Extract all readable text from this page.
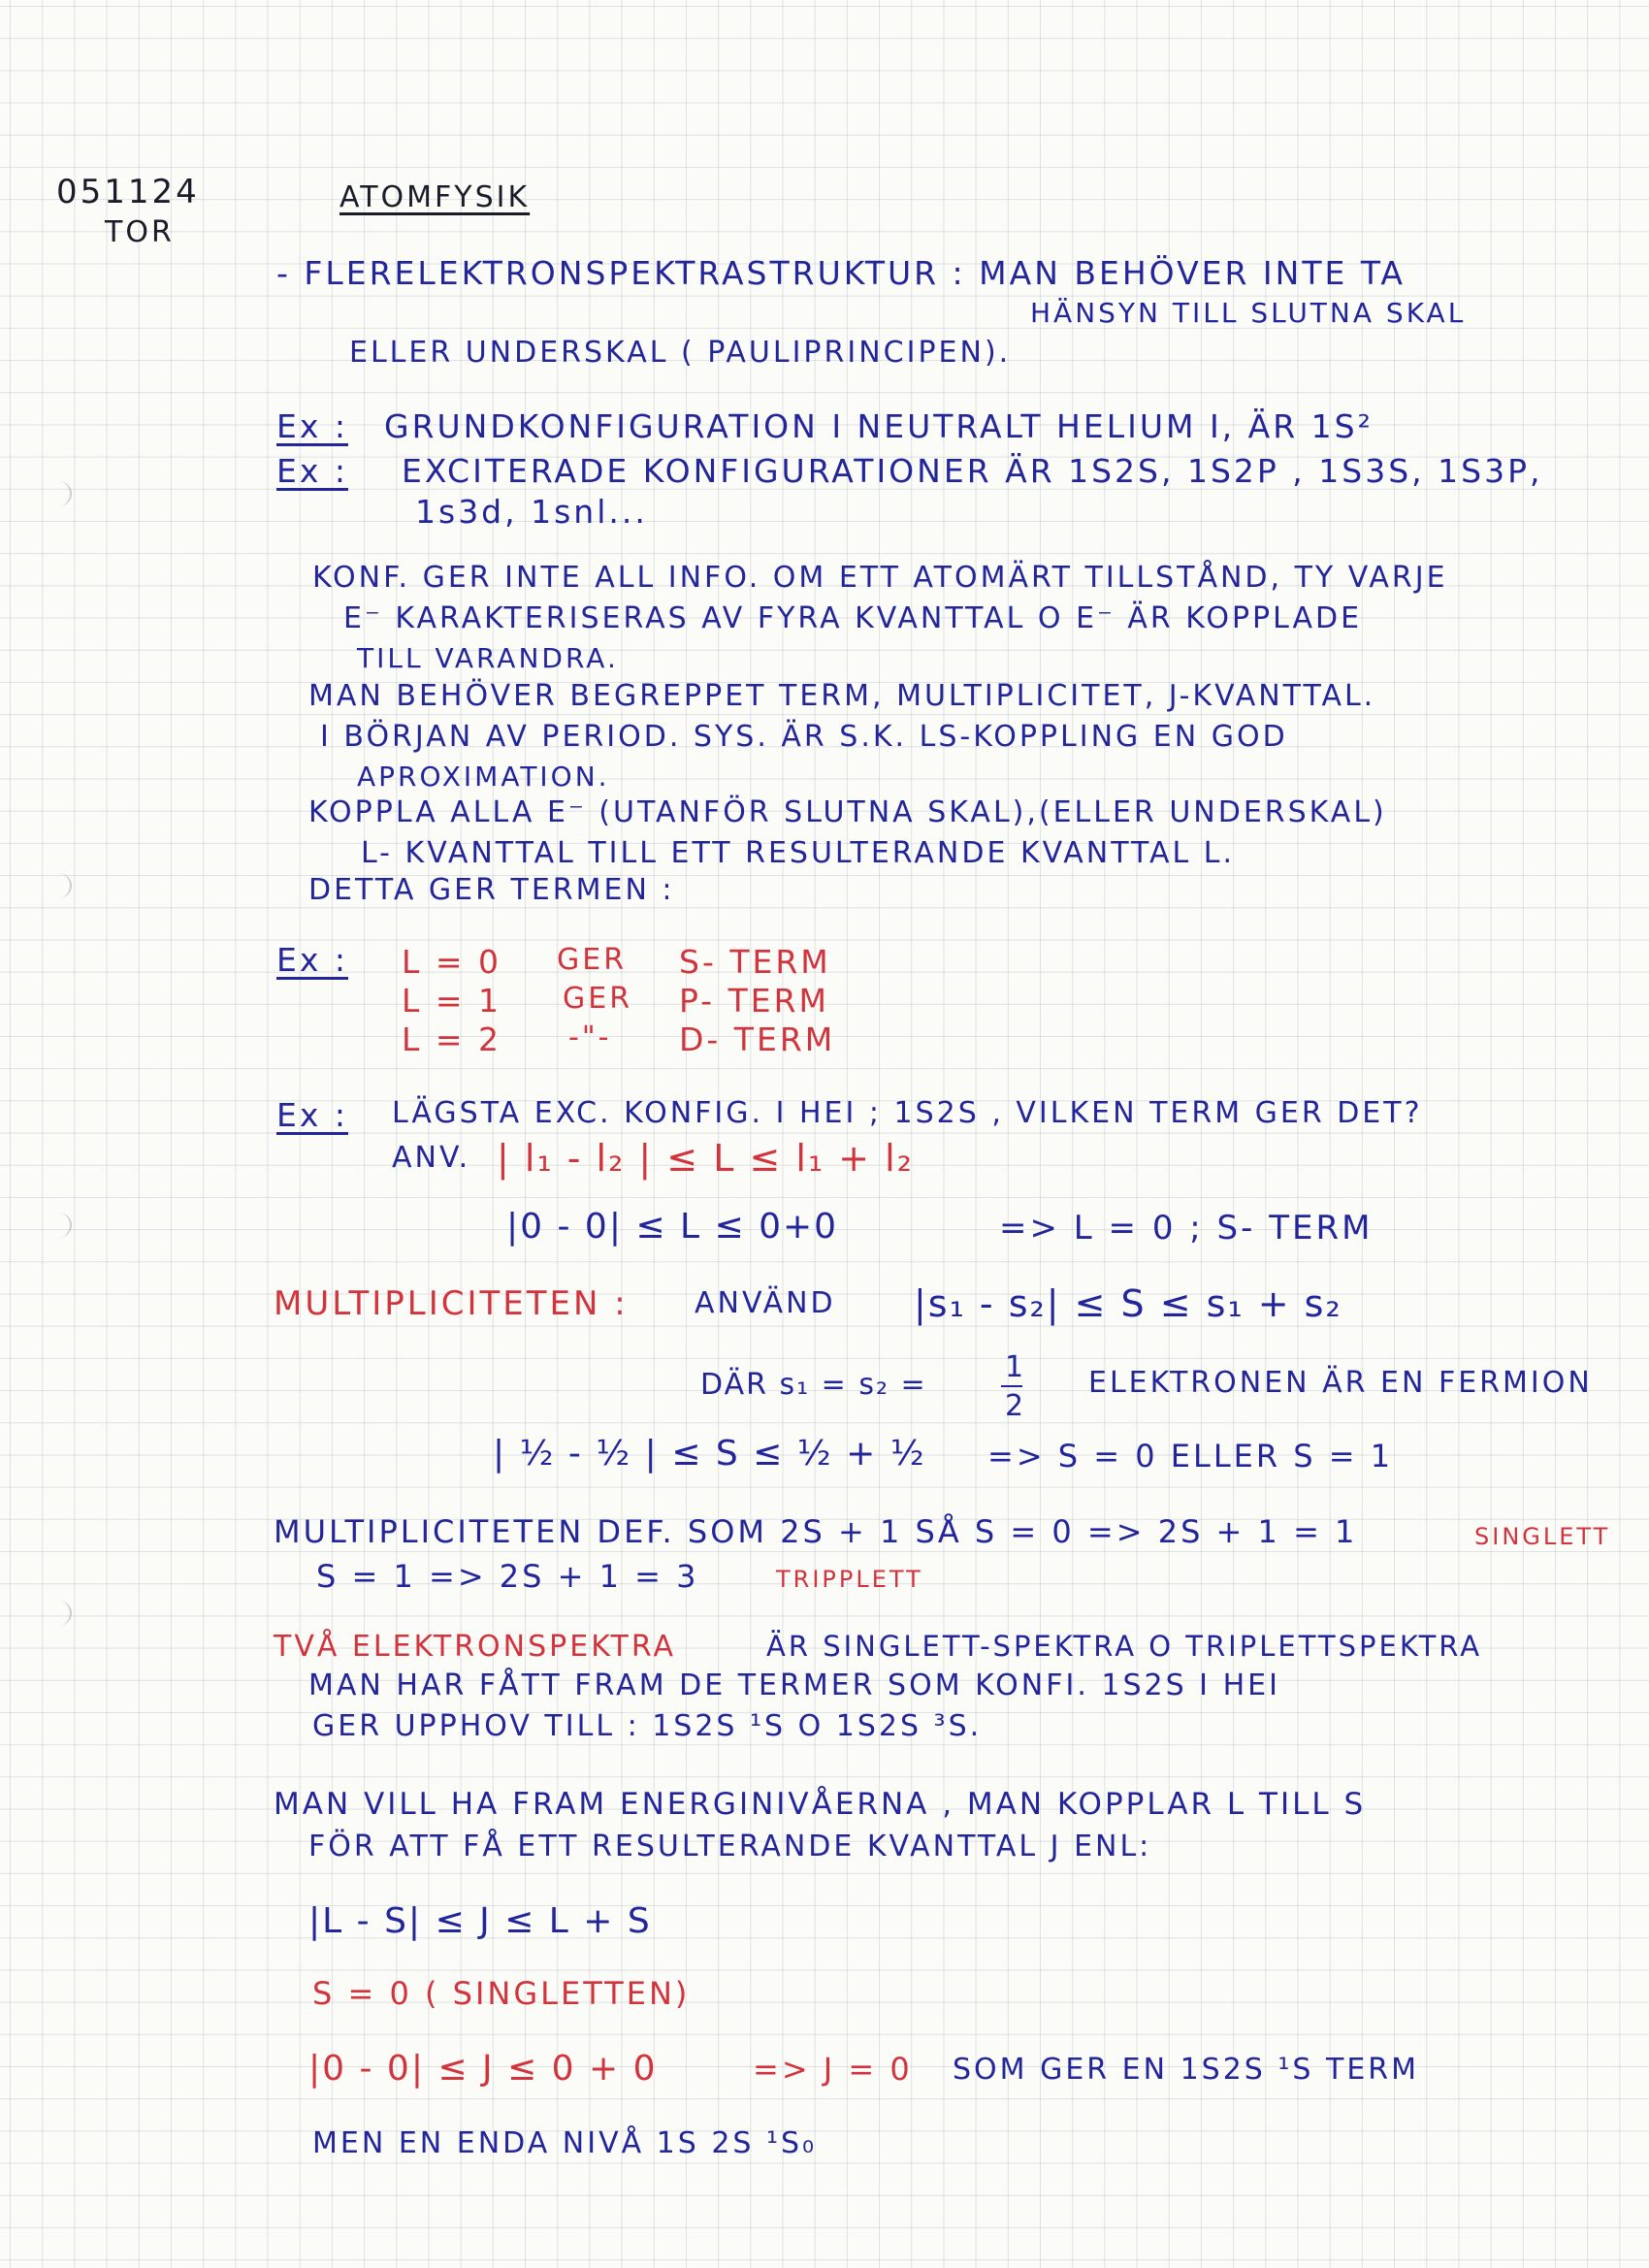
051124
TOR
ATOMFYSIK
- FLERELEKTRONSPEKTRASTRUKTUR : MAN BEHÖVER INTE TA
HÄNSYN TILL SLUTNA SKAL
ELLER UNDERSKAL ( PAULIPRINCIPEN).
Ex : GRUNDKONFIGURATION I NEUTRALT HELIUM I, ÄR 1S²
Ex : EXCITERADE KONFIGURATIONER ÄR 1S2S, 1S2P , 1S3S, 1S3P,
1s3d, 1snl...
KONF. GER INTE ALL INFO. OM ETT ATOMÄRT TILLSTÅND, TY VARJE
E⁻ KARAKTERISERAS AV FYRA KVANTTAL O E⁻ ÄR KOPPLADE
TILL VARANDRA.
MAN BEHÖVER BEGREPPET TERM, MULTIPLICITET, J-KVANTTAL.
I BÖRJAN AV PERIOD. SYS. ÄR S.K. LS-KOPPLING EN GOD
APROXIMATION.
KOPPLA ALLA E⁻ (UTANFÖR SLUTNA SKAL),(ELLER UNDERSKAL)
L- KVANTTAL TILL ETT RESULTERANDE KVANTTAL L.
DETTA GER TERMEN :
Ex : L = 0 GER S- TERM
L = 1 GER P- TERM
L = 2 -"- D- TERM
Ex : LÄGSTA EXC. KONFIG. I HEI ; 1S2S , VILKEN TERM GER DET?
ANV. | l₁ - l₂ | ≤ L ≤ l₁ + l₂
|0 - 0| ≤ L ≤ 0+0	=> L = 0 ; S- TERM
MULTIPLICITETEN : ANVÄND |s₁ - s₂| ≤ S ≤ s₁ + s₂
DÄR s₁ = s₂ =
1
2
ELEKTRONEN ÄR EN FERMION
| ½ - ½ | ≤ S ≤ ½ + ½ => S = 0 ELLER S = 1
MULTIPLICITETEN DEF. SOM 2S + 1 SÅ S = 0 => 2S + 1 = 1	SINGLETT
S = 1 => 2S + 1 = 3	TRIPPLETT
TVÅ ELEKTRONSPEKTRA	ÄR SINGLETT-SPEKTRA O TRIPLETTSPEKTRA
MAN HAR FÅTT FRAM DE TERMER SOM KONFI. 1S2S I HEI
GER UPPHOV TILL : 1S2S ¹S O 1S2S ³S.
MAN VILL HA FRAM ENERGINIVÅERNA , MAN KOPPLAR L TILL S
FÖR ATT FÅ ETT RESULTERANDE KVANTTAL J ENL:
|L - S| ≤ J ≤ L + S
S = 0 ( SINGLETTEN)
|0 - 0| ≤ J ≤ 0 + 0	=> J = 0 SOM GER EN 1S2S ¹S TERM
MEN EN ENDA NIVÅ 1S 2S ¹S₀
